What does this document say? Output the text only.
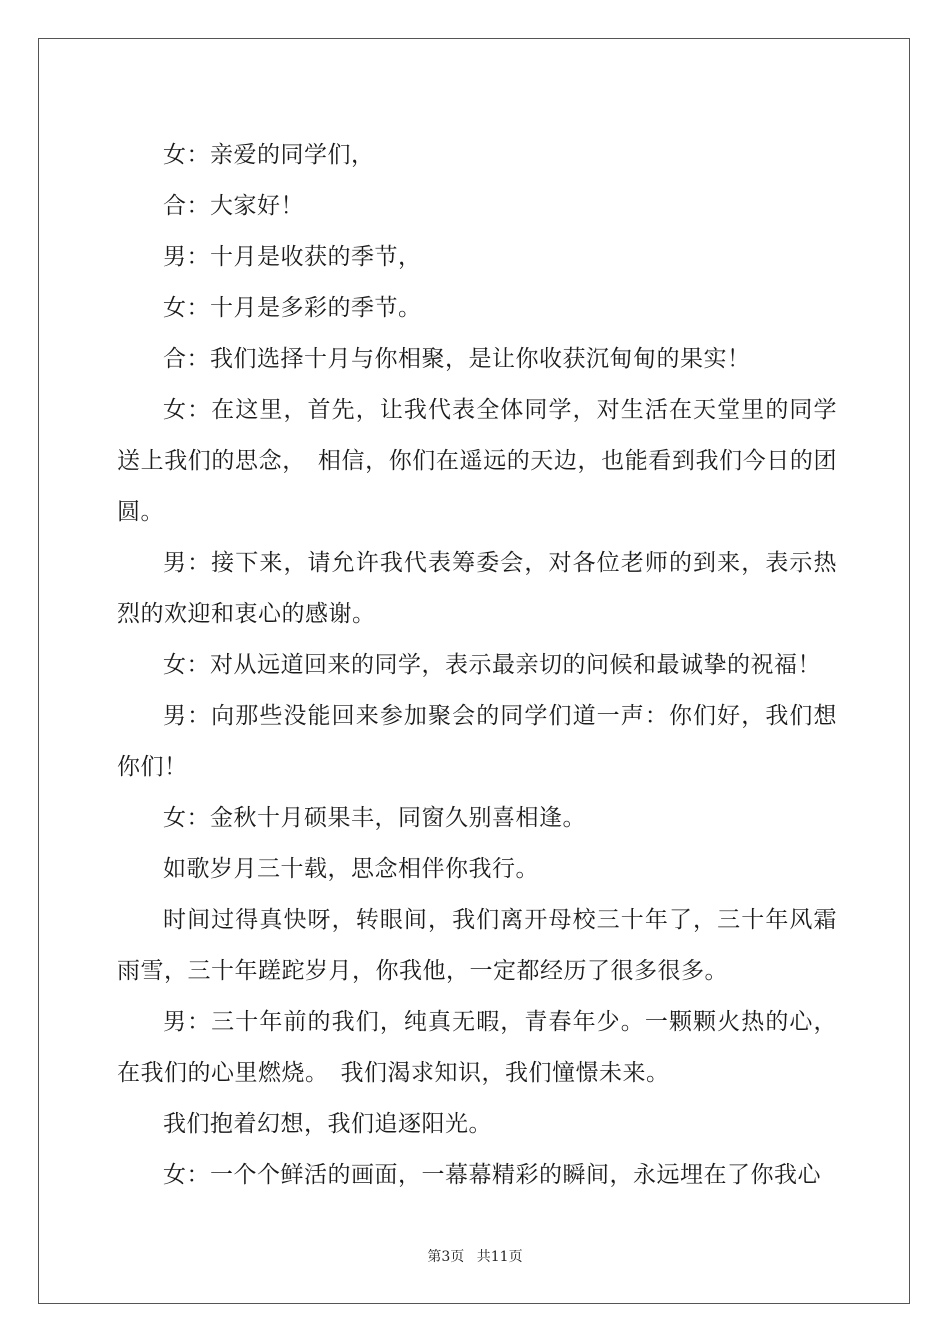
女：亲爱的同学们，

合：大家好！

男：十月是收获的季节，

女：十月是多彩的季节。

合：我们选择十月与你相聚，是让你收获沉甸甸的果实！

女：在这里，首先，让我代表全体同学，对生活在天堂里的同学送上我们的思念，　相信，你们在遥远的天边，也能看到我们今日的团圆。

男：接下来，请允许我代表筹委会，对各位老师的到来，表示热烈的欢迎和衷心的感谢。

女：对从远道回来的同学，表示最亲切的问候和最诚挚的祝福！

男：向那些没能回来参加聚会的同学们道一声：你们好，我们想你们！

女：金秋十月硕果丰，同窗久别喜相逢。

如歌岁月三十载，思念相伴你我行。

时间过得真快呀，转眼间，我们离开母校三十年了，三十年风霜雨雪，三十年蹉跎岁月，你我他，一定都经历了很多很多。

男：三十年前的我们，纯真无暇，青春年少。一颗颗火热的心，在我们的心里燃烧。　我们渴求知识，我们憧憬未来。

我们抱着幻想，我们追逐阳光。

女：一个个鲜活的画面，一幕幕精彩的瞬间，永远埋在了你我心

第3页 共11页
